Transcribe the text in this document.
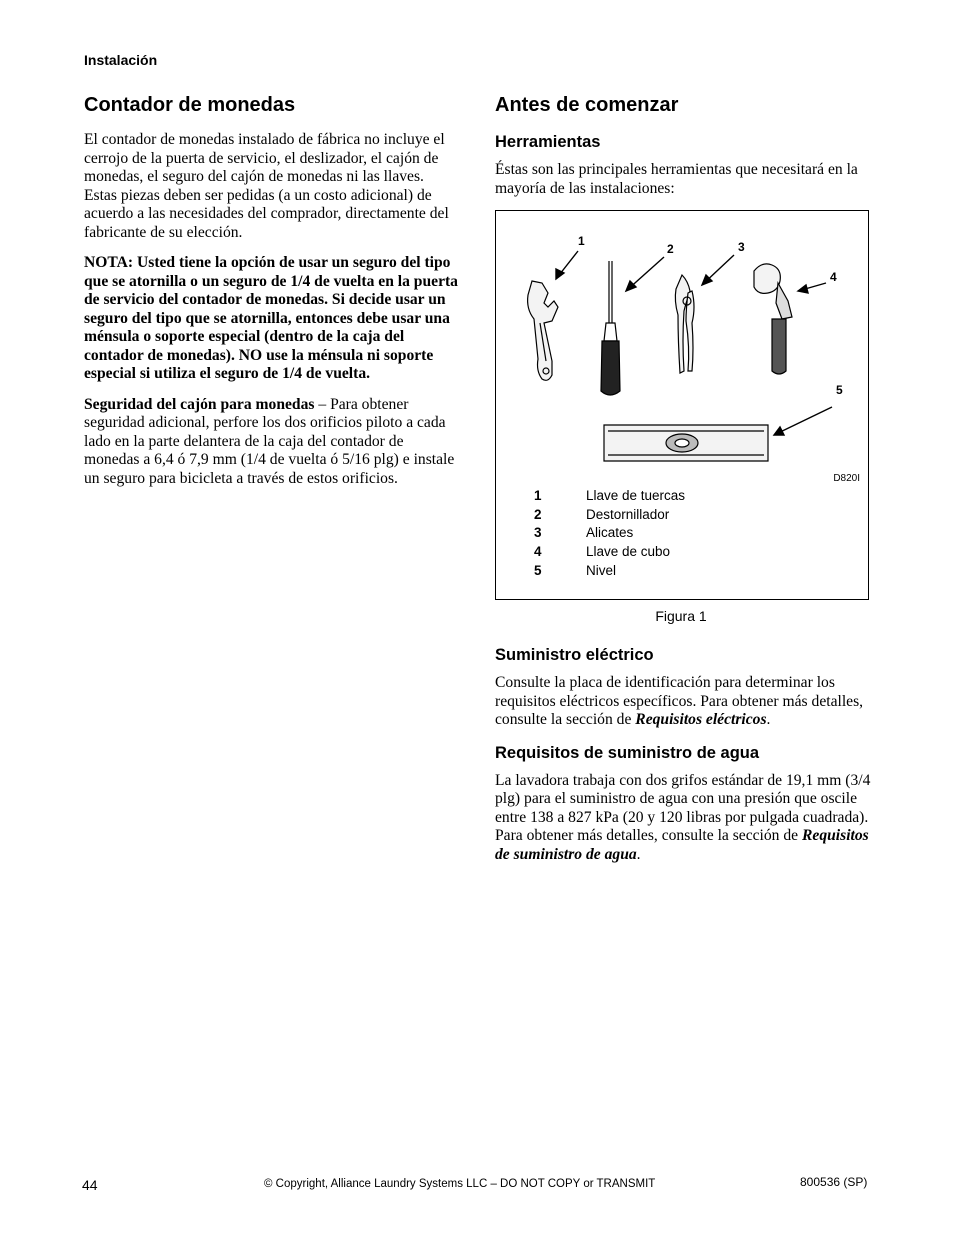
Instalación
Contador de monedas

El contador de monedas instalado de fábrica no incluye el cerrojo de la puerta de servicio, el deslizador, el cajón de monedas, el seguro del cajón de monedas ni las llaves. Estas piezas deben ser pedidas (a un costo adicional) de acuerdo a las necesidades del comprador, directamente del fabricante de su elección.

NOTA: Usted tiene la opción de usar un seguro del tipo que se atornilla o un seguro de 1/4 de vuelta en la puerta de servicio del contador de monedas. Si decide usar un seguro del tipo que se atornilla, entonces debe usar una ménsula o soporte especial (dentro de la caja del contador de monedas). NO use la ménsula ni soporte especial si utiliza el seguro de 1/4 de vuelta.

Seguridad del cajón para monedas – Para obtener seguridad adicional, perfore los dos orificios piloto a cada lado en la parte delantera de la caja del contador de monedas a 6,4 ó 7,9 mm (1/4 de vuelta ó 5/16 plg) e instale un seguro para bicicleta a través de estos orificios.

Antes de comenzar
Herramientas

Éstas son las principales herramientas que necesitará en la mayoría de las instalaciones:

1
2	3
4
5
D820I
1	Llave de tuercas
2	Destornillador
3	Alicates
4	Llave de cubo
5	Nivel
Figura 1
Suministro eléctrico

Consulte la placa de identificación para determinar los requisitos eléctricos específicos. Para obtener más detalles, consulte la sección de Requisitos eléctricos.

Requisitos de suministro de agua

La lavadora trabaja con dos grifos estándar de 19,1 mm (3/4 plg) para el suministro de agua con una presión que oscile entre 138 a 827 kPa (20 y 120 libras por pulgada cuadrada). Para obtener más detalles, consulte la sección de Requisitos de suministro de agua.

44	© Copyright, Alliance Laundry Systems LLC – DO NOT COPY or TRANSMIT	800536 (SP)
